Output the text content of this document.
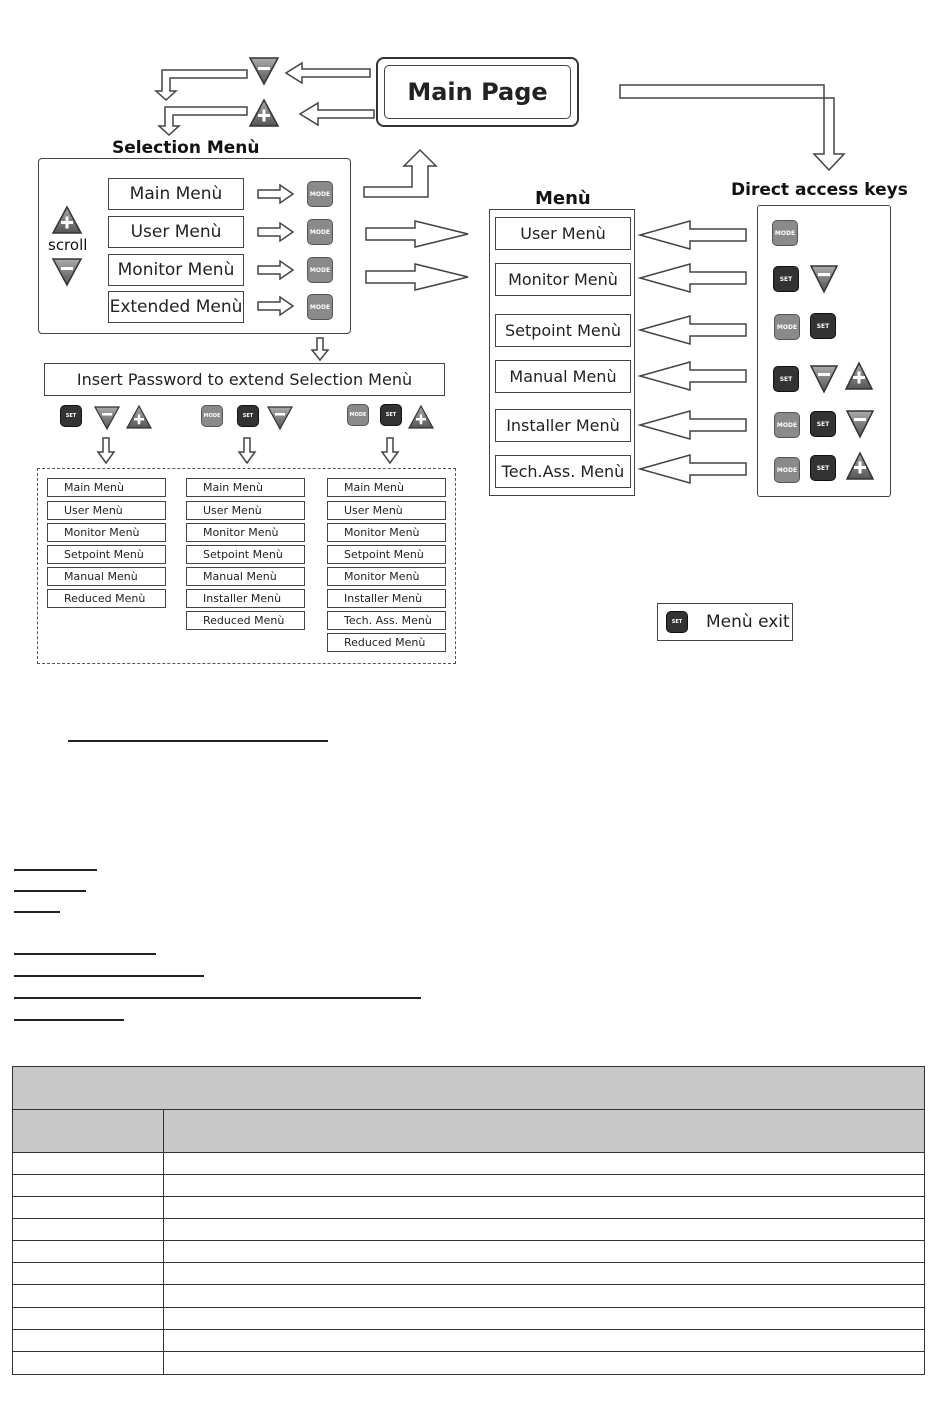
Main Page
Selection Menù
scroll
Main Menù
User Menù
Monitor Menù
Extended Menù
MODE
MODE
MODE
MODE
Insert Password to extend Selection Menù
SET	MODE	SET	MODE	SET
Main Menù
User Menù
Monitor Menù
Setpoint Menù
Manual Menù
Reduced Menù
Main Menù
User Menù
Monitor Menù
Setpoint Menù
Manual Menù
Installer Menù
Reduced Menù
Main Menù
User Menù
Monitor Menù
Setpoint Menù
Monitor Menù
Installer Menù
Tech. Ass. Menù
Reduced Menù
Menù
User Menù
Monitor Menù
Setpoint Menù
Manual Menù
Installer Menù
Tech.Ass. Menù
Direct access keys
MODE
SET
MODE	SET
SET
MODE	SET
MODE	SET
SET	Menù exit
